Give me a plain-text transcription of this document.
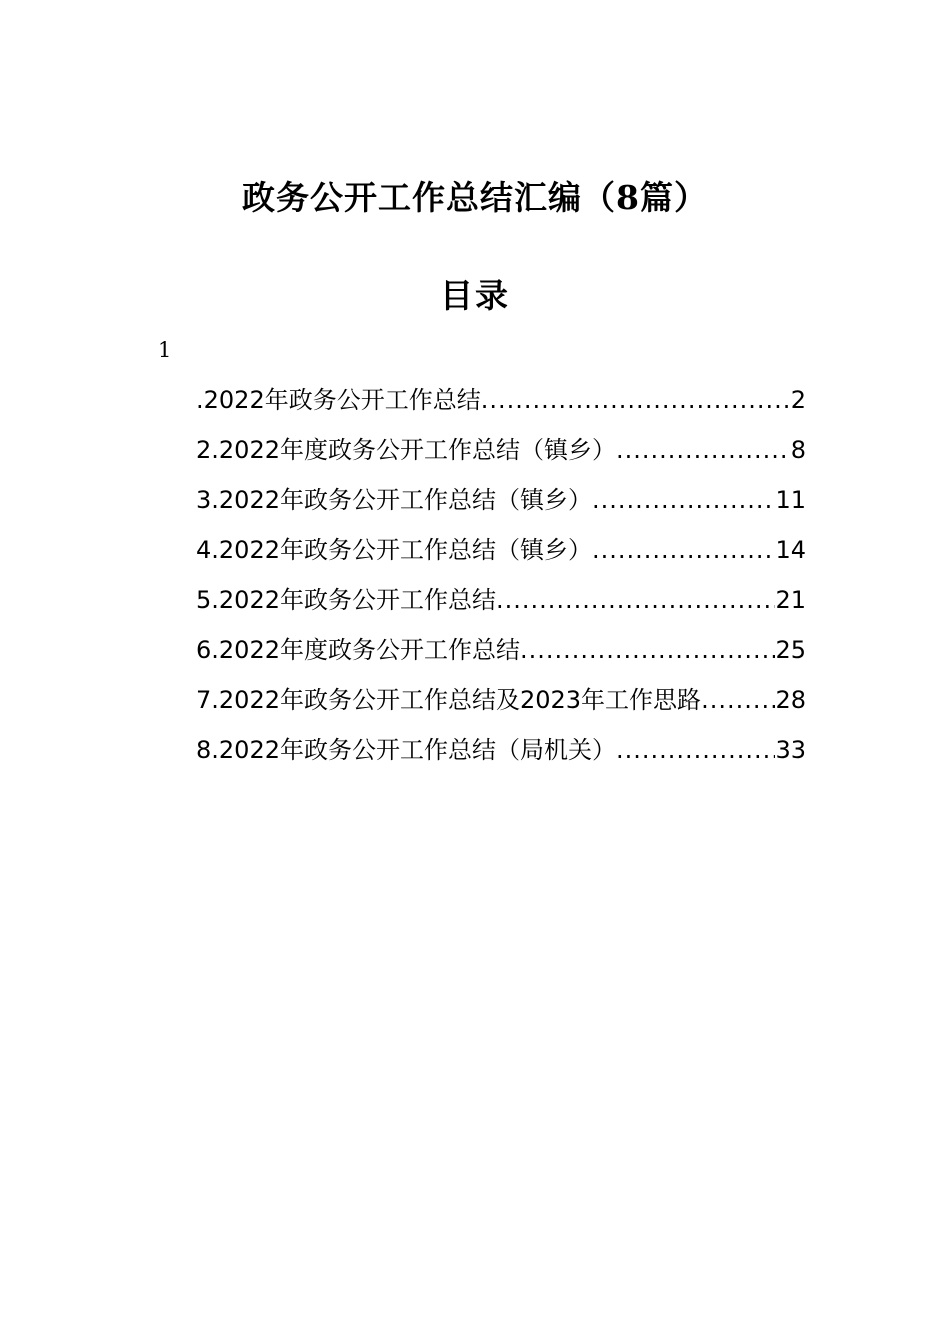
政务公开工作总结汇编（8篇）
目录
1
.2022年政务公开工作总结 .....	2
2.2022年度政务公开工作总结（镇乡） .....	8
3.2022年政务公开工作总结（镇乡） .....	11
4.2022年政务公开工作总结（镇乡） .....	14
5.2022年政务公开工作总结 .....	21
6.2022年度政务公开工作总结 .....	25
7.2022年政务公开工作总结及2023年工作思路 .....	28
8.2022年政务公开工作总结（局机关） .....	33
